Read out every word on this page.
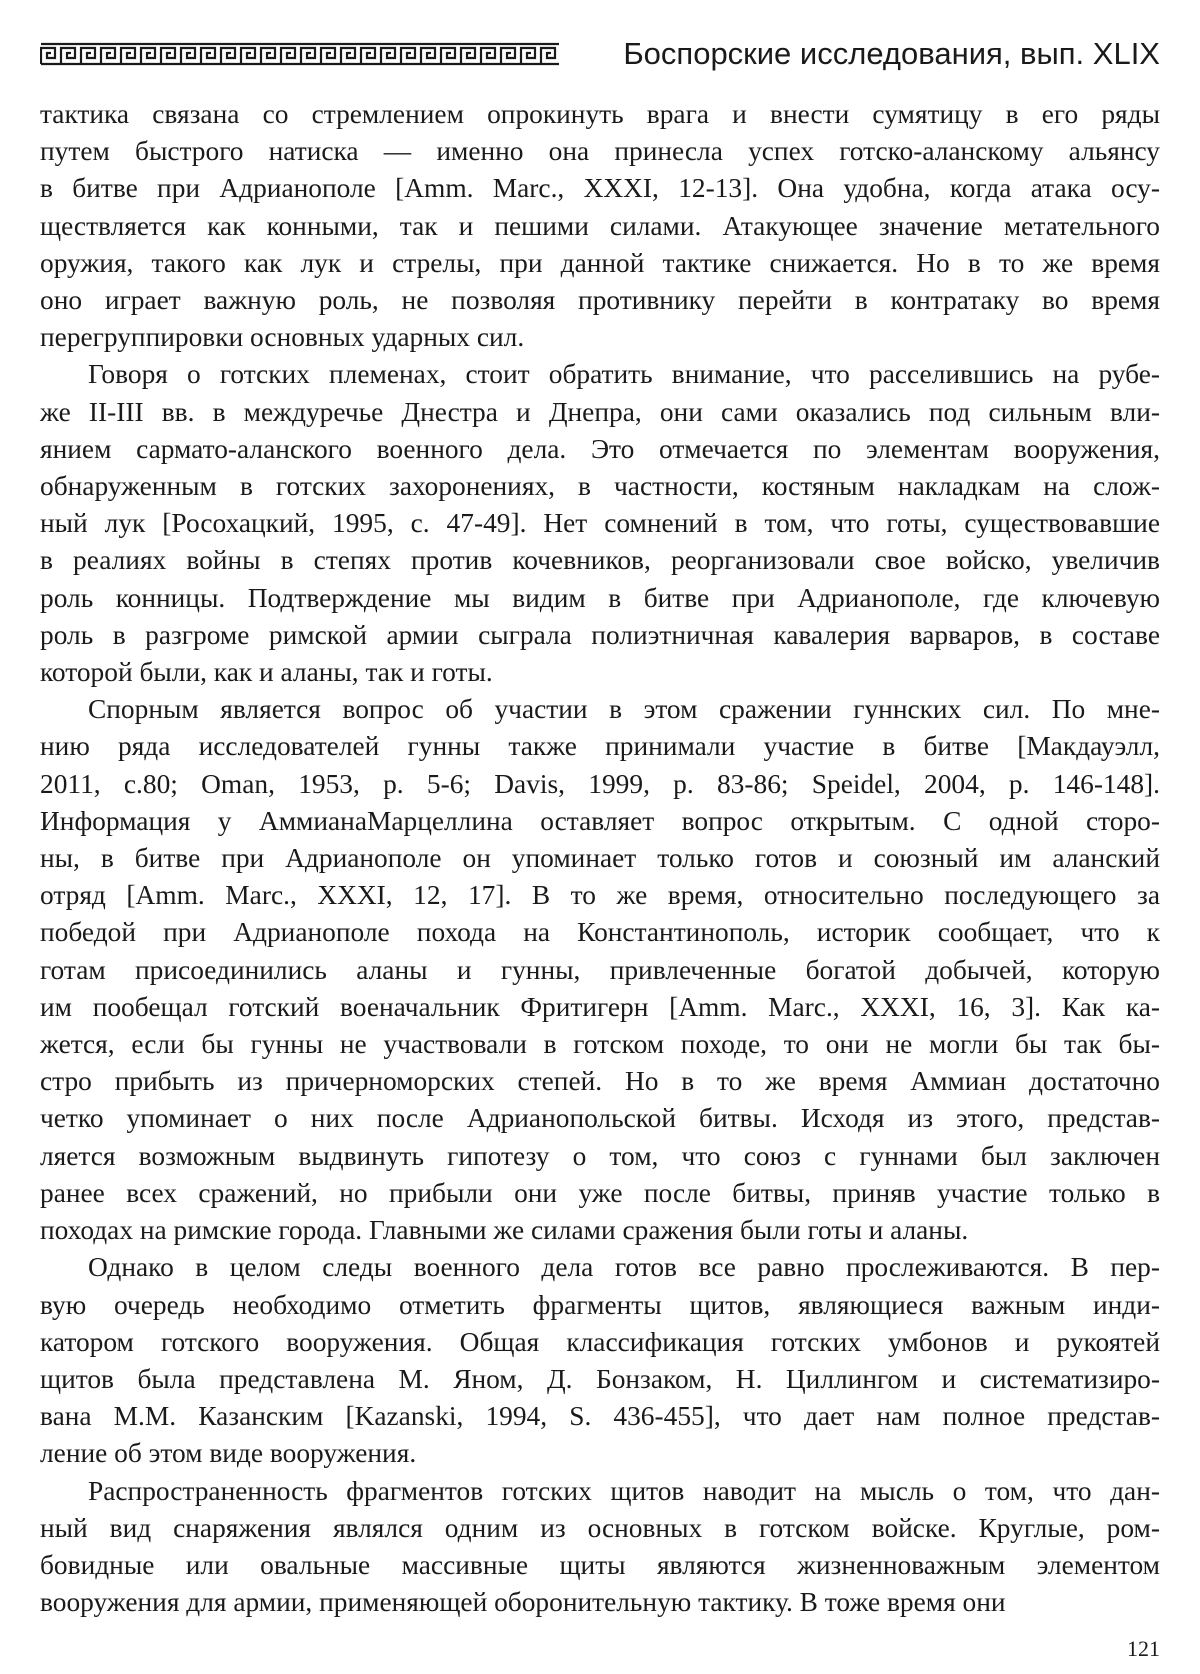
Боспорские исследования, вып. XLIX
тактика связана со стремлением опрокинуть врага и внести сумятицу в его ряды
путем быстрого натиска — именно она принесла успех готско-аланскому альянсу
в битве при Адрианополе [Amm. Marc., XXXI, 12-13]. Она удобна, когда атака осу-
ществляется как конными, так и пешими силами. Атакующее значение метательного
оружия, такого как лук и стрелы, при данной тактике снижается. Но в то же время
оно играет важную роль, не позволяя противнику перейти в контратаку во время
перегруппировки основных ударных сил.
Говоря о готских племенах, стоит обратить внимание, что расселившись на рубе-
же II-III вв. в междуречье Днестра и Днепра, они сами оказались под сильным вли-
янием сармато-аланского военного дела. Это отмечается по элементам вооружения,
обнаруженным в готских захоронениях, в частности, костяным накладкам на слож-
ный лук [Росохацкий, 1995, с. 47-49]. Нет сомнений в том, что готы, существовавшие
в реалиях войны в степях против кочевников, реорганизовали свое войско, увеличив
роль конницы. Подтверждение мы видим в битве при Адрианополе, где ключевую
роль в разгроме римской армии сыграла полиэтничная кавалерия варваров, в составе
которой были, как и аланы, так и готы.
Спорным является вопрос об участии в этом сражении гуннских сил. По мне-
нию ряда исследователей гунны также принимали участие в битве [Макдауэлл,
2011, с.80; Oman, 1953, p. 5-6; Davis, 1999, p. 83-86; Speidel, 2004, p. 146-148].
Информация у АммианаМарцеллина оставляет вопрос открытым. С одной сторо-
ны, в битве при Адрианополе он упоминает только готов и союзный им аланский
отряд [Amm. Marc., XXXI, 12, 17]. В то же время, относительно последующего за
победой при Адрианополе похода на Константинополь, историк сообщает, что к
готам присоединились аланы и гунны, привлеченные богатой добычей, которую
им пообещал готский военачальник Фритигерн [Amm. Marc., XXXI, 16, 3]. Как ка-
жется, если бы гунны не участвовали в готском походе, то они не могли бы так бы-
стро прибыть из причерноморских степей. Но в то же время Аммиан достаточно
четко упоминает о них после Адрианопольской битвы. Исходя из этого, представ-
ляется возможным выдвинуть гипотезу о том, что союз с гуннами был заключен
ранее всех сражений, но прибыли они уже после битвы, приняв участие только в
походах на римские города. Главными же силами сражения были готы и аланы.
Однако в целом следы военного дела готов все равно прослеживаются. В пер-
вую очередь необходимо отметить фрагменты щитов, являющиеся важным инди-
катором готского вооружения. Общая классификация готских умбонов и рукоятей
щитов была представлена М. Яном, Д. Бонзаком, Н. Циллингом и систематизиро-
вана М.М. Казанским [Kazanski, 1994, S. 436-455], что дает нам полное представ-
ление об этом виде вооружения.
Распространенность фрагментов готских щитов наводит на мысль о том, что дан-
ный вид снаряжения являлся одним из основных в готском войске. Круглые, ром-
бовидные или овальные массивные щиты являются жизненноважным элементом
вооружения для армии, применяющей оборонительную тактику. В тоже время они
121
